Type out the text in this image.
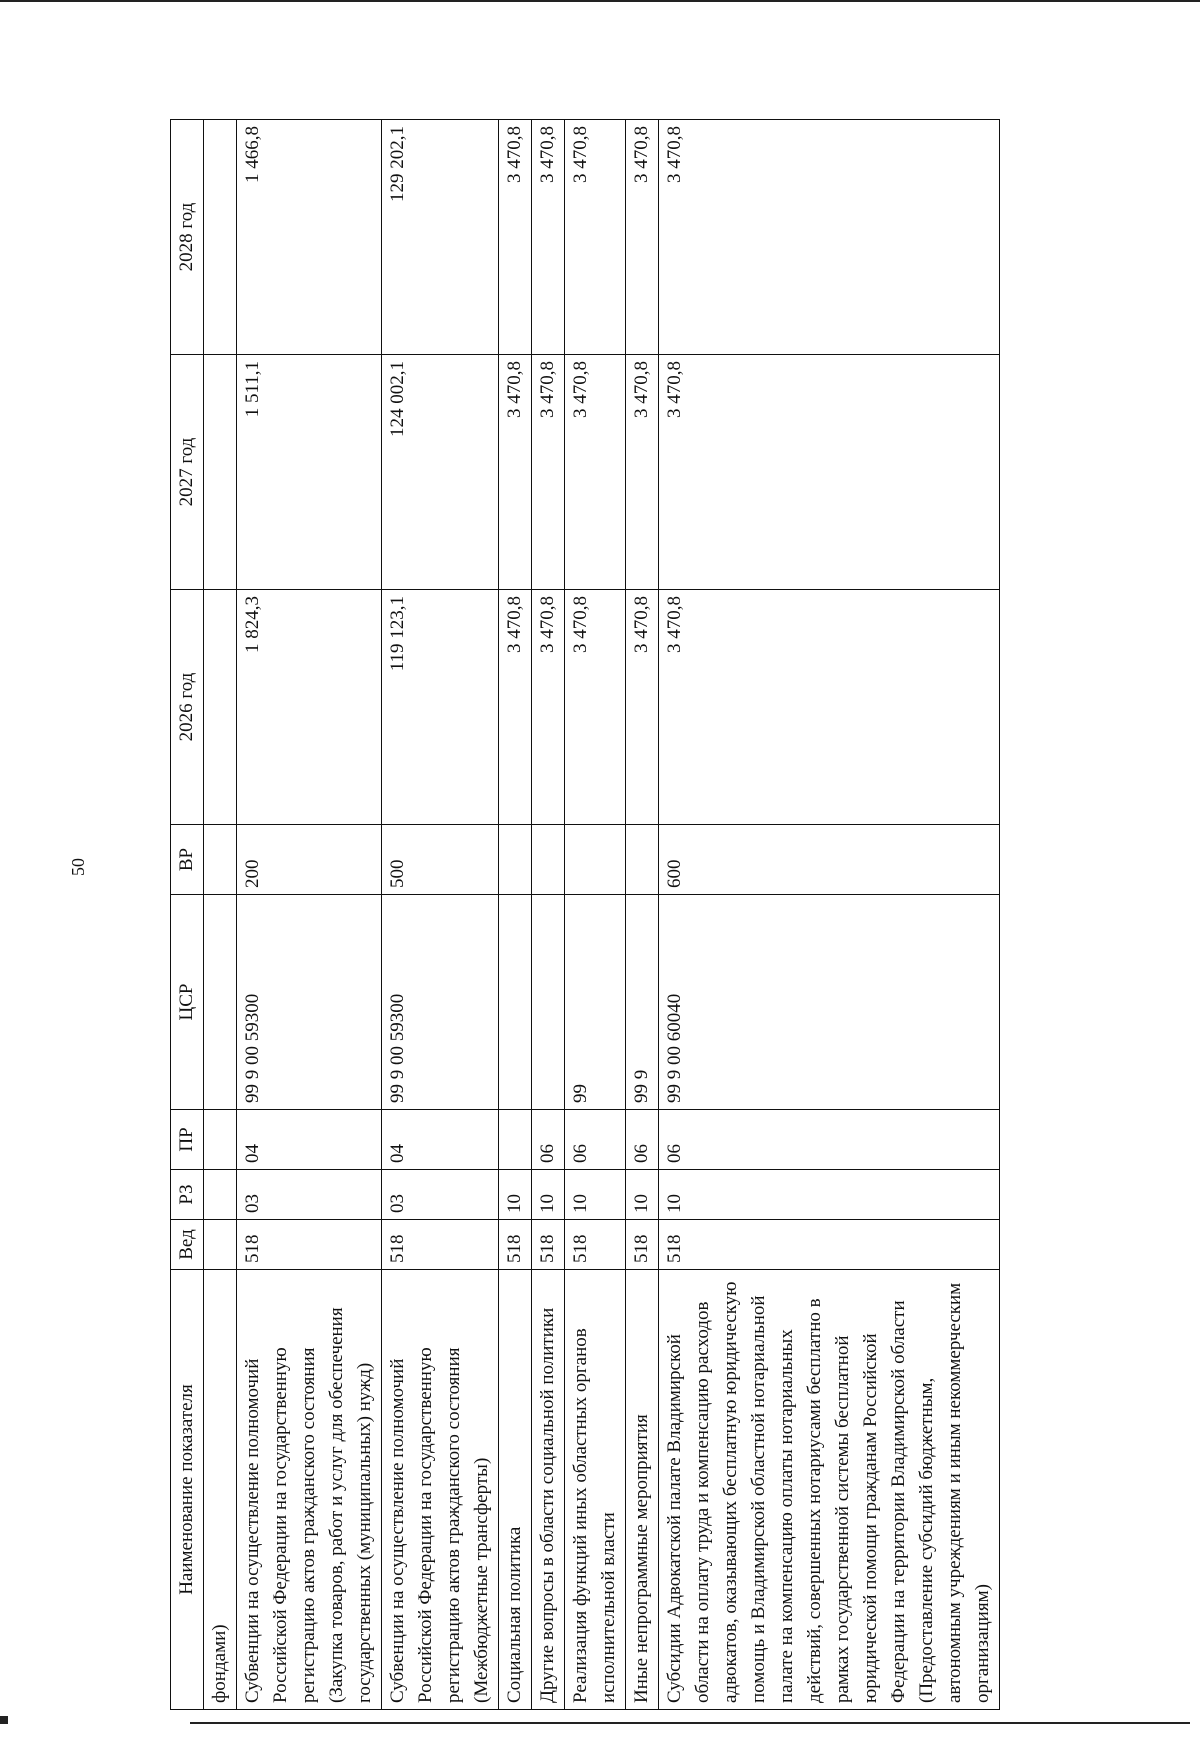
50
Наименование показателя	Вед	РЗ	ПР	ЦСР	ВР	2026 год	2027 год	2028 год
фондами)								
Субвенции на осуществление полномочий Российской Федерации на государственную регистрацию актов гражданского состояния (Закупка товаров, работ и услуг для обеспечения государственных (муниципальных) нужд)	518	03	04	99 9 00 59300	200	1 824,3	1 511,1	1 466,8
Субвенции на осуществление полномочий Российской Федерации на государственную регистрацию актов гражданского состояния (Межбюджетные трансферты)	518	03	04	99 9 00 59300	500	119 123,1	124 002,1	129 202,1
Социальная политика	518	10				3 470,8	3 470,8	3 470,8
Другие вопросы в области социальной политики	518	10	06			3 470,8	3 470,8	3 470,8
Реализация функций иных областных органов исполнительной власти	518	10	06	99		3 470,8	3 470,8	3 470,8
Иные непрограммные мероприятия	518	10	06	99 9		3 470,8	3 470,8	3 470,8
Субсидии Адвокатской палате Владимирской области на оплату труда и компенсацию расходов адвокатов, оказывающих бесплатную юридическую помощь и Владимирской областной нотариальной палате на компенсацию оплаты нотариальных действий, совершенных нотариусами бесплатно в рамках государственной системы бесплатной юридической помощи гражданам Российской Федерации на территории Владимирской области (Предоставление субсидий бюджетным, автономным учреждениям и иным некоммерческим организациям)	518	10	06	99 9 00 60040	600	3 470,8	3 470,8	3 470,8
